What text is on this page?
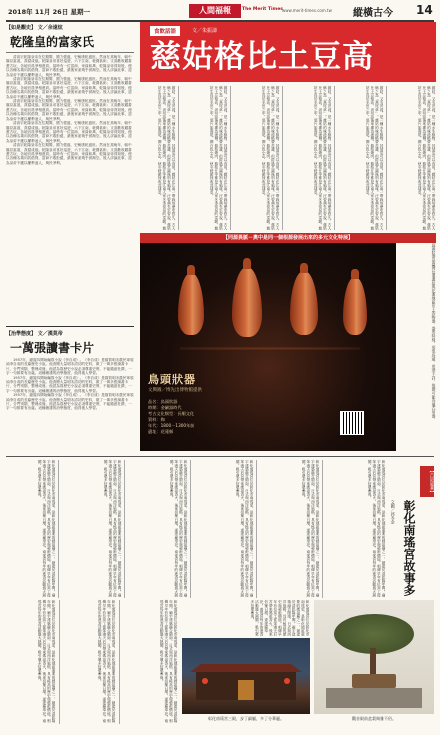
2018年 11月 26日 星期一	人間福報	The Merit Times www.merit-times.com.tw 縱橫古今 14
【如是觀史】 文／余遠炫
乾隆皇的富家氏

清高宗乾隆皇帝在位期間，國力強盛，史稱康乾盛世。然而在其晚年，朝中寵臣當道，貪腐成風。乾隆皇帝喜好巡遊，六下江南，耗費甚鉅；又喜歡收藏書畫古玩，各地官員爭相進貢。當時有一位富商，家資鉅萬，乾隆皇帝得知後，便以各種名義向其借貸，富商不敢拒絕，最後家產幾乎被掏空。後人評論此事，認為皇帝不應以權勢凌人，與民爭利。

清高宗乾隆皇帝在位期間，國力強盛，史稱康乾盛世。然而在其晚年，朝中寵臣當道，貪腐成風。乾隆皇帝喜好巡遊，六下江南，耗費甚鉅；又喜歡收藏書畫古玩，各地官員爭相進貢。當時有一位富商，家資鉅萬，乾隆皇帝得知後，便以各種名義向其借貸，富商不敢拒絕，最後家產幾乎被掏空。後人評論此事，認為皇帝不應以權勢凌人，與民爭利。

清高宗乾隆皇帝在位期間，國力強盛，史稱康乾盛世。然而在其晚年，朝中寵臣當道，貪腐成風。乾隆皇帝喜好巡遊，六下江南，耗費甚鉅；又喜歡收藏書畫古玩，各地官員爭相進貢。當時有一位富商，家資鉅萬，乾隆皇帝得知後，便以各種名義向其借貸，富商不敢拒絕，最後家產幾乎被掏空。後人評論此事，認為皇帝不應以權勢凌人，與民爭利。

清高宗乾隆皇帝在位期間，國力強盛，史稱康乾盛世。然而在其晚年，朝中寵臣當道，貪腐成風。乾隆皇帝喜好巡遊，六下江南，耗費甚鉅；又喜歡收藏書畫古玩，各地官員爭相進貢。當時有一位富商，家資鉅萬，乾隆皇帝得知後，便以各種名義向其借貸，富商不敢拒絕，最後家產幾乎被掏空。後人評論此事，認為皇帝不應以權勢凌人，與民爭利。

清高宗乾隆皇帝在位期間，國力強盛，史稱康乾盛世。然而在其晚年，朝中寵臣當道，貪腐成風。乾隆皇帝喜好巡遊，六下江南，耗費甚鉅；又喜歡收藏書畫古玩，各地官員爭相進貢。當時有一位富商，家資鉅萬，乾隆皇帝得知後，便以各種名義向其借貸，富商不敢拒絕，最後家產幾乎被掏空。後人評論此事，認為皇帝不應以權勢凌人，與民爭利。

【治學態度】 文／漢莫帝
一萬張讀書卡片

1957年，錢賓四開始編寫小說《李自成》。《李自成》是描寫明末農民軍領袖李自成的長篇歷史小說。他查閱大量明末清初的史料，做了一萬多張讀書卡片，分門別類，整理成冊。他認為寫歷史小說必須尊重史實，不能隨意杜撰，一字一句都要有出處。這種嚴謹的治學態度，值得後人學習。

1957年，錢賓四開始編寫小說《李自成》。《李自成》是描寫明末農民軍領袖李自成的長篇歷史小說。他查閱大量明末清初的史料，做了一萬多張讀書卡片，分門別類，整理成冊。他認為寫歷史小說必須尊重史實，不能隨意杜撰，一字一句都要有出處。這種嚴謹的治學態度，值得後人學習。

1957年，錢賓四開始編寫小說《李自成》。《李自成》是描寫明末農民軍領袖李自成的長篇歷史小說。他查閱大量明末清初的史料，做了一萬多張讀書卡片，分門別類，整理成冊。他認為寫歷史小說必須尊重史實，不能隨意杜撰，一字一句都要有出處。這種嚴謹的治學態度，值得後人學習。

食飲話語	文／朱振濤
慈姑格比土豆高
慈姑，又名茨菰，是一種水生植物，其球莖可以食用。慈姑在江南一帶栽培歷史悠久，古人稱之為「燕尾草」。慈姑的味道略帶苦澀，但經過烹調後別有風味。汪曾祺先生曾說，慈姑比土豆格高。這句話後來廣為流傳。慈姑燒肉、慈姑片等都是江南人家冬季常見的菜餚。慈姑生長於水田之中，葉片如燕尾，開白色小花，秋冬時節採收其球莖。
慈姑，又名茨菰，是一種水生植物，其球莖可以食用。慈姑在江南一帶栽培歷史悠久，古人稱之為「燕尾草」。慈姑的味道略帶苦澀，但經過烹調後別有風味。汪曾祺先生曾說，慈姑比土豆格高。這句話後來廣為流傳。慈姑燒肉、慈姑片等都是江南人家冬季常見的菜餚。慈姑生長於水田之中，葉片如燕尾，開白色小花，秋冬時節採收其球莖。
慈姑，又名茨菰，是一種水生植物，其球莖可以食用。慈姑在江南一帶栽培歷史悠久，古人稱之為「燕尾草」。慈姑的味道略帶苦澀，但經過烹調後別有風味。汪曾祺先生曾說，慈姑比土豆格高。這句話後來廣為流傳。慈姑燒肉、慈姑片等都是江南人家冬季常見的菜餚。慈姑生長於水田之中，葉片如燕尾，開白色小花，秋冬時節採收其球莖。
慈姑，又名茨菰，是一種水生植物，其球莖可以食用。慈姑在江南一帶栽培歷史悠久，古人稱之為「燕尾草」。慈姑的味道略帶苦澀，但經過烹調後別有風味。汪曾祺先生曾說，慈姑比土豆格高。這句話後來廣為流傳。慈姑燒肉、慈姑片等都是江南人家冬季常見的菜餚。慈姑生長於水田之中，葉片如燕尾，開白色小花，秋冬時節採收其球莖。
慈姑，又名茨菰，是一種水生植物，其球莖可以食用。慈姑在江南一帶栽培歷史悠久，古人稱之為「燕尾草」。慈姑的味道略帶苦澀，但經過烹調後別有風味。汪曾祺先生曾說，慈姑比土豆格高。這句話後來廣為流傳。慈姑燒肉、慈姑片等都是江南人家冬季常見的菜餚。慈姑生長於水田之中，葉片如燕尾，開白色小花，秋冬時節採收其球莖。
慈姑，又名茨菰，是一種水生植物，其球莖可以食用。慈姑在江南一帶栽培歷史悠久，古人稱之為「燕尾草」。慈姑的味道略帶苦澀，但經過烹調後別有風味。汪曾祺先生曾說，慈姑比土豆格高。這句話後來廣為流傳。慈姑燒肉、慈姑片等都是江南人家冬季常見的菜餚。慈姑生長於水田之中，葉片如燕尾，開白色小花，秋冬時節採收其球莖。
【同源異脈－奧中是同一個根源發展出來的多元文化特展】
鳥頭狀器
文興圖／博先出博物館提供
品名：鳥頭狀器
時期：金屬器時代
考古文化類型：長順文化
質料：陶
年代：1800－1300年前
遺址：花蓮縣
鳥頭狀器是臺灣長濱遺址與花蓮地區出土的陶器，器形特殊，形似鳥頭，用途不詳，推測可能為儀式用器。
【古道風華】
彰化南瑤宮故事多
文圖／郭冬金
彰化南瑤宮位於彰化市南瑤里，是彰化地區重要的媽祖廟之一，創建於清乾隆年間。廟宇建築融合閩南、日式與西洋風格，具有極高的歷史與藝術價值。相傳早年有位窯工從笨港天后宮帶來媽祖香火，後來信眾日增，遂建廟奉祀。南瑤宮每年的進香活動盛大熱鬧，吸引眾多信眾參與。
彰化南瑤宮位於彰化市南瑤里，是彰化地區重要的媽祖廟之一，創建於清乾隆年間。廟宇建築融合閩南、日式與西洋風格，具有極高的歷史與藝術價值。相傳早年有位窯工從笨港天后宮帶來媽祖香火，後來信眾日增，遂建廟奉祀。南瑤宮每年的進香活動盛大熱鬧，吸引眾多信眾參與。
彰化南瑤宮位於彰化市南瑤里，是彰化地區重要的媽祖廟之一，創建於清乾隆年間。廟宇建築融合閩南、日式與西洋風格，具有極高的歷史與藝術價值。相傳早年有位窯工從笨港天后宮帶來媽祖香火，後來信眾日增，遂建廟奉祀。南瑤宮每年的進香活動盛大熱鬧，吸引眾多信眾參與。
彰化南瑤宮位於彰化市南瑤里，是彰化地區重要的媽祖廟之一，創建於清乾隆年間。廟宇建築融合閩南、日式與西洋風格，具有極高的歷史與藝術價值。相傳早年有位窯工從笨港天后宮帶來媽祖香火，後來信眾日增，遂建廟奉祀。南瑤宮每年的進香活動盛大熱鬧，吸引眾多信眾參與。
彰化南瑤宮位於彰化市南瑤里，是彰化地區重要的媽祖廟之一，創建於清乾隆年間。廟宇建築融合閩南、日式與西洋風格，具有極高的歷史與藝術價值。相傳早年有位窯工從笨港天后宮帶來媽祖香火，後來信眾日增，遂建廟奉祀。南瑤宮每年的進香活動盛大熱鬧，吸引眾多信眾參與。
彰化南瑤宮位於彰化市南瑤里，是彰化地區重要的媽祖廟之一，創建於清乾隆年間。廟宇建築融合閩南、日式與西洋風格，具有極高的歷史與藝術價值。相傳早年有位窯工從笨港天后宮帶來媽祖香火，後來信眾日增，遂建廟奉祀。南瑤宮每年的進香活動盛大熱鬧，吸引眾多信眾參與。
彰化南瑤宮位於彰化市南瑤里，是彰化地區重要的媽祖廟之一，創建於清乾隆年間。廟宇建築融合閩南、日式與西洋風格，具有極高的歷史與藝術價值。相傳早年有位窯工從笨港天后宮帶來媽祖香火，後來信眾日增，遂建廟奉祀。南瑤宮每年的進香活動盛大熱鬧，吸引眾多信眾參與。
彰化南瑤宮位於彰化市南瑤里，是彰化地區重要的媽祖廟之一，創建於清乾隆年間。廟宇建築融合閩南、日式與西洋風格，具有極高的歷史與藝術價值。相傳早年有位窯工從笨港天后宮帶來媽祖香火，後來信眾日增，遂建廟奉祀。南瑤宮每年的進香活動盛大熱鬧，吸引眾多信眾參與。
彰化南瑤宮位於彰化市南瑤里，是彰化地區重要的媽祖廟之一，創建於清乾隆年間。廟宇建築融合閩南、日式與西洋風格，具有極高的歷史與藝術價值。相傳早年有位窯工從笨港天后宮帶來媽祖香火，後來信眾日增，遂建廟奉祀。南瑤宮每年的進香活動盛大熱鬧，吸引眾多信眾參與。	彰化南瑤宮位於彰化市南瑤里，是彰化地區重要的媽祖廟之一，創建於清乾隆年間。廟宇建築融合閩南、日式與西洋風格，具有極高的歷史與藝術價值。相傳早年有位窯工從笨港天后宮帶來媽祖香火，後來信眾日增，遂建廟奉祀。南瑤宮每年的進香活動盛大熱鬧，吸引眾多信眾參與。
彰化南瑤宮三殿，步丁細膩，多了分華麗。	觀音殿前盆栽典雅不俗。
